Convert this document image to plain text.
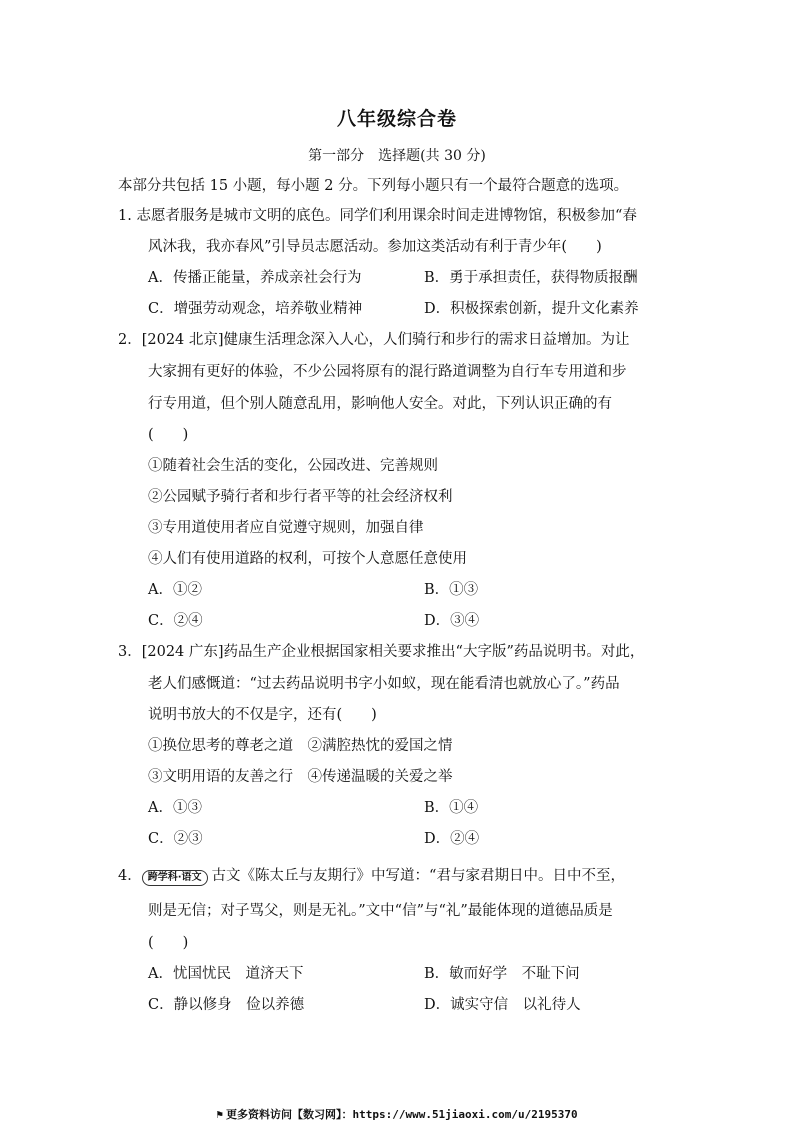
八年级综合卷
第一部分　选择题(共 30 分)
本部分共包括 15 小题，每小题 2 分。下列每小题只有一个最符合题意的选项。
1. 志愿者服务是城市文明的底色。同学们利用课余时间走进博物馆，积极参加“春
风沐我，我亦春风”引导员志愿活动。参加这类活动有利于青少年(　　)
A．传播正能量，养成亲社会行为	B．勇于承担责任，获得物质报酬
C．增强劳动观念，培养敬业精神	D．积极探索创新，提升文化素养
2．[2024 北京]健康生活理念深入人心，人们骑行和步行的需求日益增加。为让
大家拥有更好的体验，不少公园将原有的混行路道调整为自行车专用道和步
行专用道，但个别人随意乱用，影响他人安全。对此，下列认识正确的有
(　　)
①随着社会生活的变化，公园改进、完善规则
②公园赋予骑行者和步行者平等的社会经济权利
③专用道使用者应自觉遵守规则，加强自律
④人们有使用道路的权利，可按个人意愿任意使用
A．①②	B．①③
C．②④	D．③④
3．[2024 广东]药品生产企业根据国家相关要求推出“大字版”药品说明书。对此，
老人们感慨道：“过去药品说明书字小如蚁，现在能看清也就放心了。”药品
说明书放大的不仅是字，还有(　　)
①换位思考的尊老之道　②满腔热忱的爱国之情
③文明用语的友善之行　④传递温暖的关爱之举
A．①③	B．①④
C．②③	D．②④
4． 跨学科·语文 古文《陈太丘与友期行》中写道：“君与家君期日中。日中不至，
则是无信；对子骂父，则是无礼。”文中“信”与“礼”最能体现的道德品质是
(　　)
A．忧国忧民　道济天下	B．敏而好学　不耻下问
C．静以修身　俭以养德	D．诚实守信　以礼待人
⚑ 更多资料访问【数习网】：https://www.51jiaoxi.com/u/2195370
